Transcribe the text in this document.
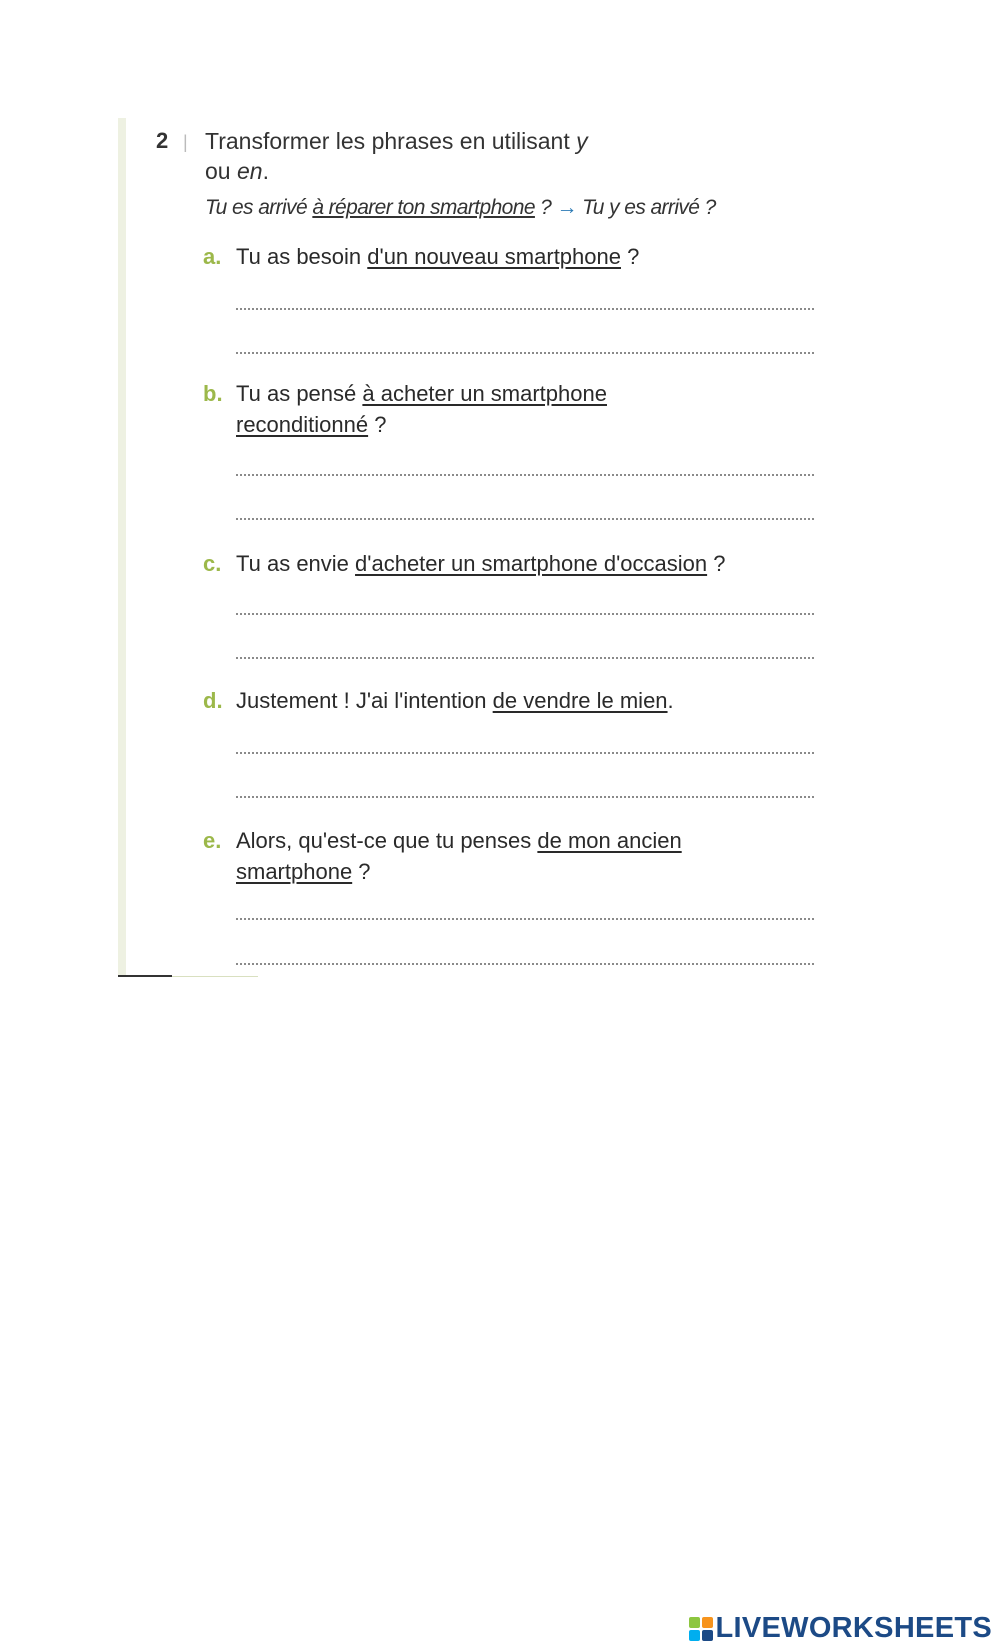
2 | Transformer les phrases en utilisant y
ou en.
Tu es arrivé à réparer ton smartphone ? → Tu y es arrivé ?
a. Tu as besoin d'un nouveau smartphone ?
b. Tu as pensé à acheter un smartphone
reconditionné ?
c. Tu as envie d'acheter un smartphone d'occasion ?
d. Justement ! J'ai l'intention de vendre le mien.
e. Alors, qu'est-ce que tu penses de mon ancien
smartphone ?
LIVEWORKSHEETS
